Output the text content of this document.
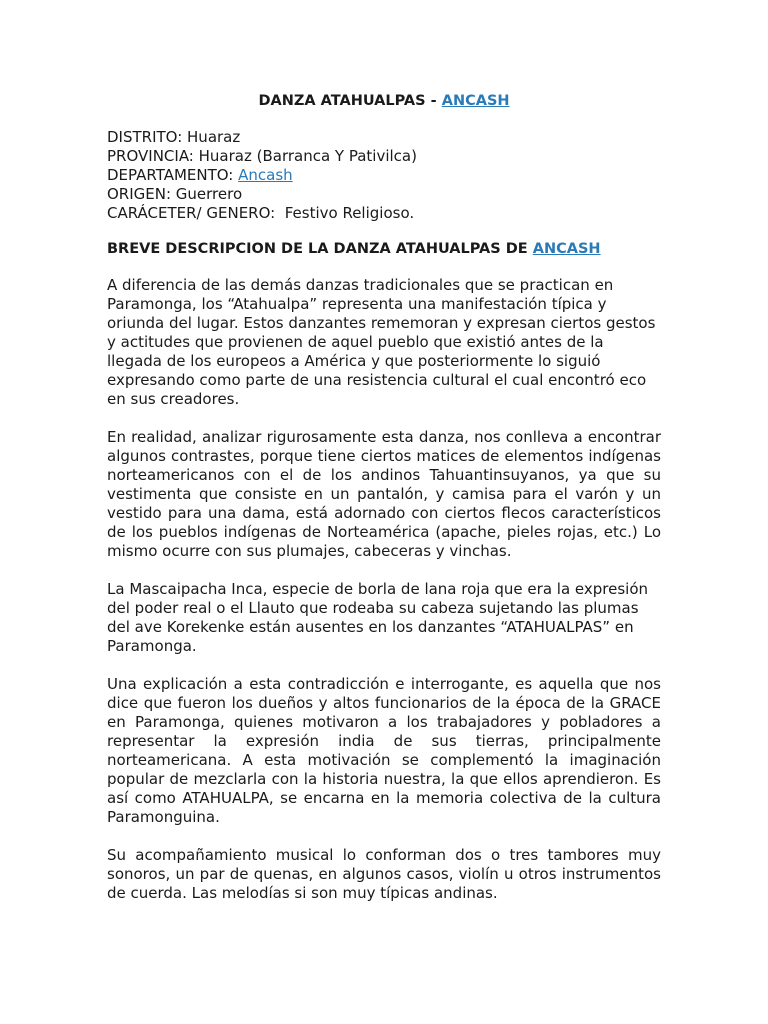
DANZA ATAHUALPAS - ANCASH
DISTRITO: Huaraz
PROVINCIA: Huaraz (Barranca Y Pativilca)
DEPARTAMENTO: Ancash
ORIGEN: Guerrero
CARÁCETER/ GENERO:  Festivo Religioso.
BREVE DESCRIPCION DE LA DANZA ATAHUALPAS DE ANCASH

A diferencia de las demás danzas tradicionales que se practican en Paramonga, los “Atahualpa” representa una manifestación típica y oriunda del lugar. Estos danzantes rememoran y expresan ciertos gestos y actitudes que provienen de aquel pueblo que existió antes de la llegada de los europeos a América y que posteriormente lo siguió expresando como parte de una resistencia cultural el cual encontró eco en sus creadores.

En realidad, analizar rigurosamente esta danza, nos conlleva a encontrar algunos contrastes, porque tiene ciertos matices de elementos indígenas norteamericanos con el de los andinos Tahuantinsuyanos, ya que su vestimenta que consiste en un pantalón, y camisa para el varón y un vestido para una dama, está adornado con ciertos flecos característicos de los pueblos indígenas de Norteamérica (apache, pieles rojas, etc.) Lo mismo ocurre con sus plumajes, cabeceras y vinchas.

La Mascaipacha Inca, especie de borla de lana roja que era la expresión del poder real o el Llauto que rodeaba su cabeza sujetando las plumas del ave Korekenke están ausentes en los danzantes “ATAHUALPAS” en Paramonga.

Una explicación a esta contradicción e interrogante, es aquella que nos dice que fueron los dueños y altos funcionarios de la época de la GRACE en Paramonga, quienes motivaron a los trabajadores y pobladores a representar la expresión india de sus tierras, principalmente norteamericana. A esta motivación se complementó la imaginación popular de mezclarla con la historia nuestra, la que ellos aprendieron. Es así como ATAHUALPA, se encarna en la memoria colectiva de la cultura Paramonguina.

Su acompañamiento musical lo conforman dos o tres tambores muy sonoros, un par de quenas, en algunos casos, violín u otros instrumentos de cuerda. Las melodías si son muy típicas andinas.
